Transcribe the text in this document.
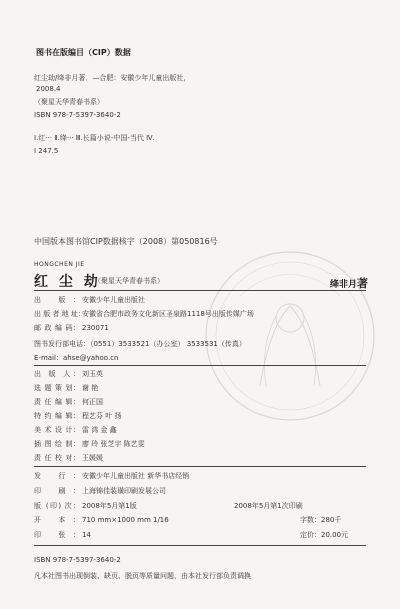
图书在版编目（CIP）数据
红尘劫/绛非月著．—合肥：安徽少年儿童出版社，
2008.4
（聚星天华青春书系）
ISBN 978-7-5397-3640-2
Ⅰ.红··· Ⅱ.绛··· Ⅲ.长篇小说-中国-当代 Ⅳ.
I 247.5
中国版本图书馆CIP数据核字（2008）第050816号
HONGCHEN JIE
红 尘 劫
（聚星天华青春书系）	绛非月著
出 版： 安徽少年儿童出版社
出 版 者 地 址：安徽省合肥市政务文化新区圣泉路1118号出版传媒广场
邮 政 编 码： 230071
图书发行部电话：（0551）3533521（办公室） 3533531（传真）
E-mail：ahse@yahoo.cn
出 版 人： 刘玉英
选 题 策 划： 谢 艳
责 任 编 辑： 何正国
特 约 编 辑： 程艺芬 叶 扬
美 术 设 计： 雷 鸿 金 鑫
插 图 绘 制： 廖 玲 张芝宇 陈艺雯
责 任 校 对： 王媛媛
发 行： 安徽少年儿童出版社 新华书店经销
印 刷： 上海锦佳装璜印刷发展公司
版 (印) 次： 2008年5月第1版	2008年5月第1次印刷
开 本： 710 mm×1000 mm 1/16	字数：280千
印 张： 14	定价：20.00元
ISBN 978-7-5397-3640-2
凡本社图书出现倒装、缺页、脱页等质量问题，由本社发行部负责调换
